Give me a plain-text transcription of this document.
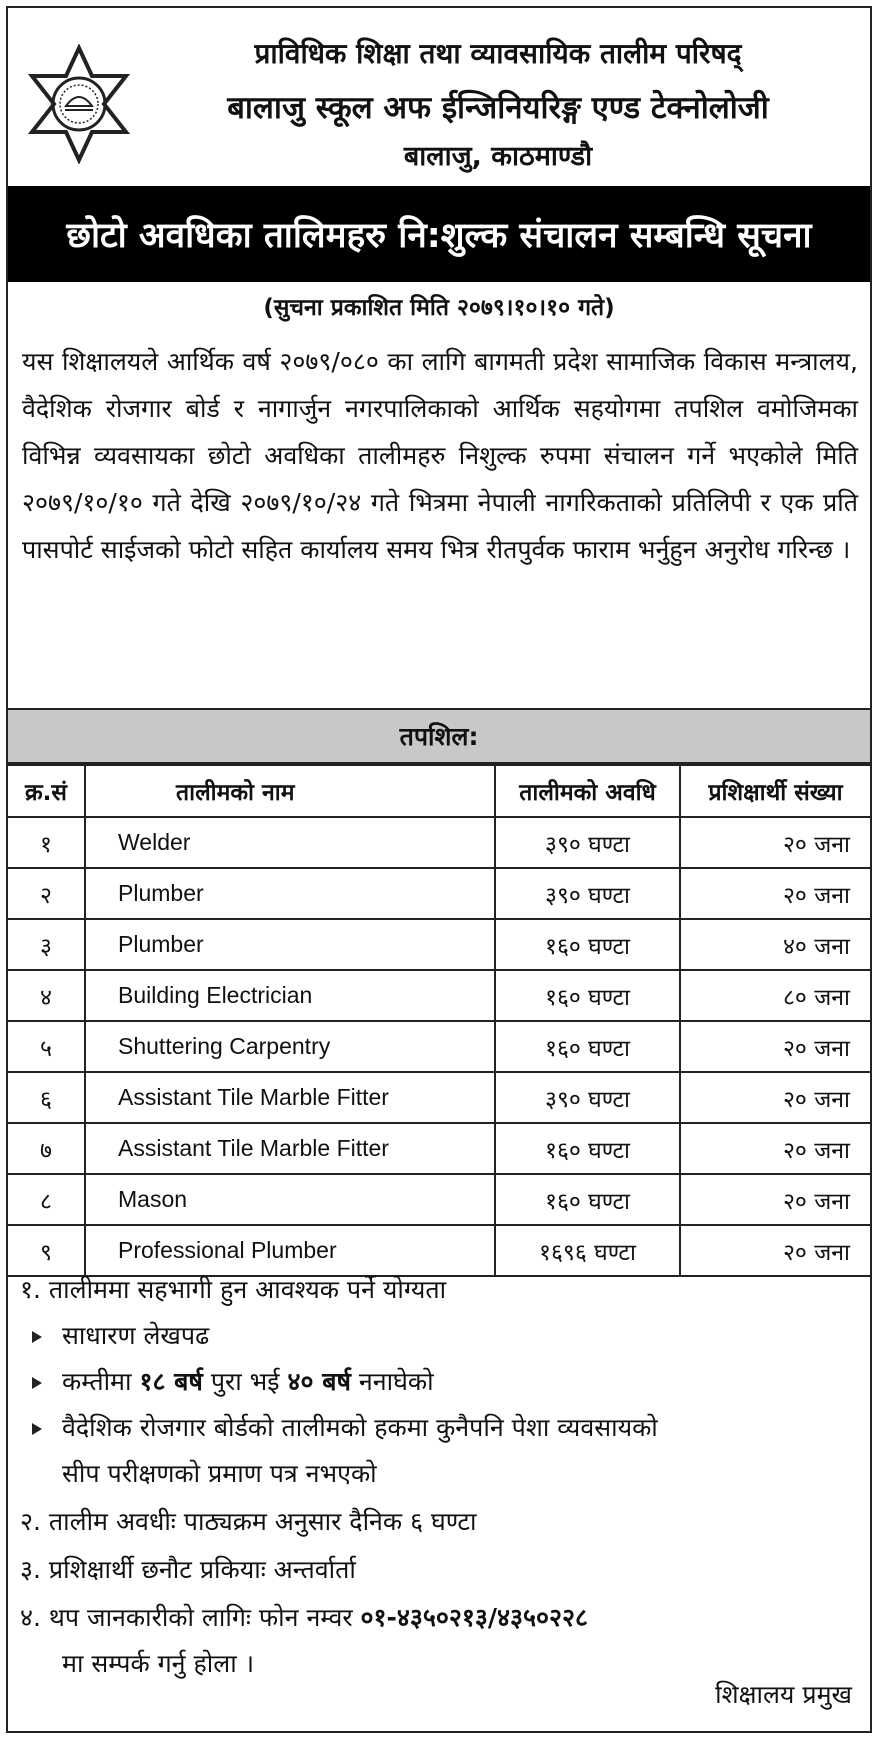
प्राविधिक शिक्षा तथा व्यावसायिक तालीम परिषद्
बालाजु स्कूल अफ ईन्जिनियरिङ्ग एण्ड टेक्नोलोजी
बालाजु, काठमाण्डौ
छोटो अवधिका तालिमहरु नि:शुल्क संचालन सम्बन्धि सूचना
(सुचना प्रकाशित मिति २०७९।१०।१० गते)

यस शिक्षालयले आर्थिक वर्ष २०७९/०८० का लागि बागमती प्रदेश सामाजिक विकास मन्त्रालय, वैदेशिक रोजगार बोर्ड र नागार्जुन नगरपालिकाको आर्थिक सहयोगमा तपशिल वमोजिमका विभिन्न व्यवसायका छोटो अवधिका तालीमहरु निशुल्क रुपमा संचालन गर्ने भएकोले मिति २०७९/१०/१० गते देखि २०७९/१०/२४ गते भित्रमा नेपाली नागरिकताको प्रतिलिपी र एक प्रति पासपोर्ट साईजको फोटो सहित कार्यालय समय भित्र रीतपुर्वक फाराम भर्नुहुन अनुरोध गरिन्छ ।

तपशिल:
क्र.सं	तालीमको नाम	तालीमको अवधि	प्रशिक्षार्थी संख्या
१	Welder	३९० घण्टा	२० जना
२	Plumber	३९० घण्टा	२० जना
३	Plumber	१६० घण्टा	४० जना
४	Building Electrician	१६० घण्टा	८० जना
५	Shuttering Carpentry	१६० घण्टा	२० जना
६	Assistant Tile Marble Fitter	३९० घण्टा	२० जना
७	Assistant Tile Marble Fitter	१६० घण्टा	२० जना
८	Mason	१६० घण्टा	२० जना
९	Professional Plumber	१६९६ घण्टा	२० जना
१. तालीममा सहभागी हुन आवश्यक पर्ने योग्यता
साधारण लेखपढ
कम्तीमा १८ बर्ष पुरा भई ४० बर्ष ननाघेको
वैदेशिक रोजगार बोर्डको तालीमको हकमा कुनैपनि पेशा व्यवसायको
सीप परीक्षणको प्रमाण पत्र नभएको
२. तालीम अवधीः पाठ्यक्रम अनुसार दैनिक ६ घण्टा
३. प्रशिक्षार्थी छनौट प्रकियाः अन्तर्वार्ता
४. थप जानकारीको लागिः फोन नम्वर ०१-४३५०२१३/४३५०२२८
मा सम्पर्क गर्नु होला ।
शिक्षालय प्रमुख
